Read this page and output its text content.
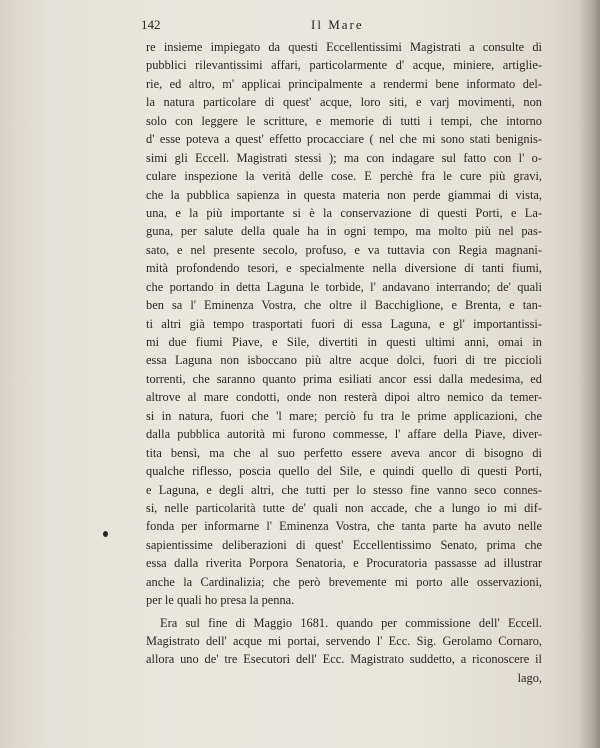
142	Il Mare
re insieme impiegato da questi Eccellentissimi Magistrati a consulte di
pubblici rilevantissimi affari, particolarmente d' acque, miniere, artiglie-
rie, ed altro, m' applicai principalmente a rendermi bene informato del-
la natura particolare di quest' acque, loro siti, e varj movimenti, non
solo con leggere le scritture, e memorie di tutti i tempi, che intorno
d' esse poteva a quest' effetto procacciare ( nel che mi sono stati benignis-
simi gli Eccell. Magistrati stessi ); ma con indagare sul fatto con l' o-
culare inspezione la verità delle cose. E perchè fra le cure più gravi,
che la pubblica sapienza in questa materia non perde giammai di vista,
una, e la più importante si è la conservazione di questi Porti, e La-
guna, per salute della quale ha in ogni tempo, ma molto più nel pas-
sato, e nel presente secolo, profuso, e va tuttavia con Regia magnani-
mità profondendo tesori, e specialmente nella diversione di tanti fiumi,
che portando in detta Laguna le torbide, l' andavano interrando; de' quali
ben sa l' Eminenza Vostra, che oltre il Bacchiglione, e Brenta, e tan-
ti altri già tempo trasportati fuori di essa Laguna, e gl' importantissi-
mi due fiumi Piave, e Sile, divertiti in questi ultimi anni, omai in
essa Laguna non isboccano più altre acque dolci, fuori di tre piccioli
torrenti, che saranno quanto prima esiliati ancor essi dalla medesima, ed
altrove al mare condotti, onde non resterà dipoi altro nemico da temer-
si in natura, fuori che 'l mare; perciò fu tra le prime applicazioni, che
dalla pubblica autorità mi furono commesse, l' affare della Piave, diver-
tita bensì, ma che al suo perfetto essere aveva ancor di bisogno di
qualche riflesso, poscia quello del Sile, e quindi quello di questi Porti,
e Laguna, e degli altri, che tutti per lo stesso fine vanno seco connes-
si, nelle particolarità tutte de' quali non accade, che a lungo io mi dif-
fonda per informarne l' Eminenza Vostra, che tanta parte ha avuto nelle
sapientissime deliberazioni di quest' Eccellentissimo Senato, prima che
essa dalla riverita Porpora Senatoria, e Procuratoria passasse ad illustrar
anche la Cardinalizia; che però brevemente mi porto alle osservazioni,
per le quali ho presa la penna.
Era sul fine di Maggio 1681. quando per commissione dell' Eccell.
Magistrato dell' acque mi portai, servendo l' Ecc. Sig. Gerolamo Cornaro,
allora uno de' tre Esecutori dell' Ecc. Magistrato suddetto, a riconoscere il
lago,
